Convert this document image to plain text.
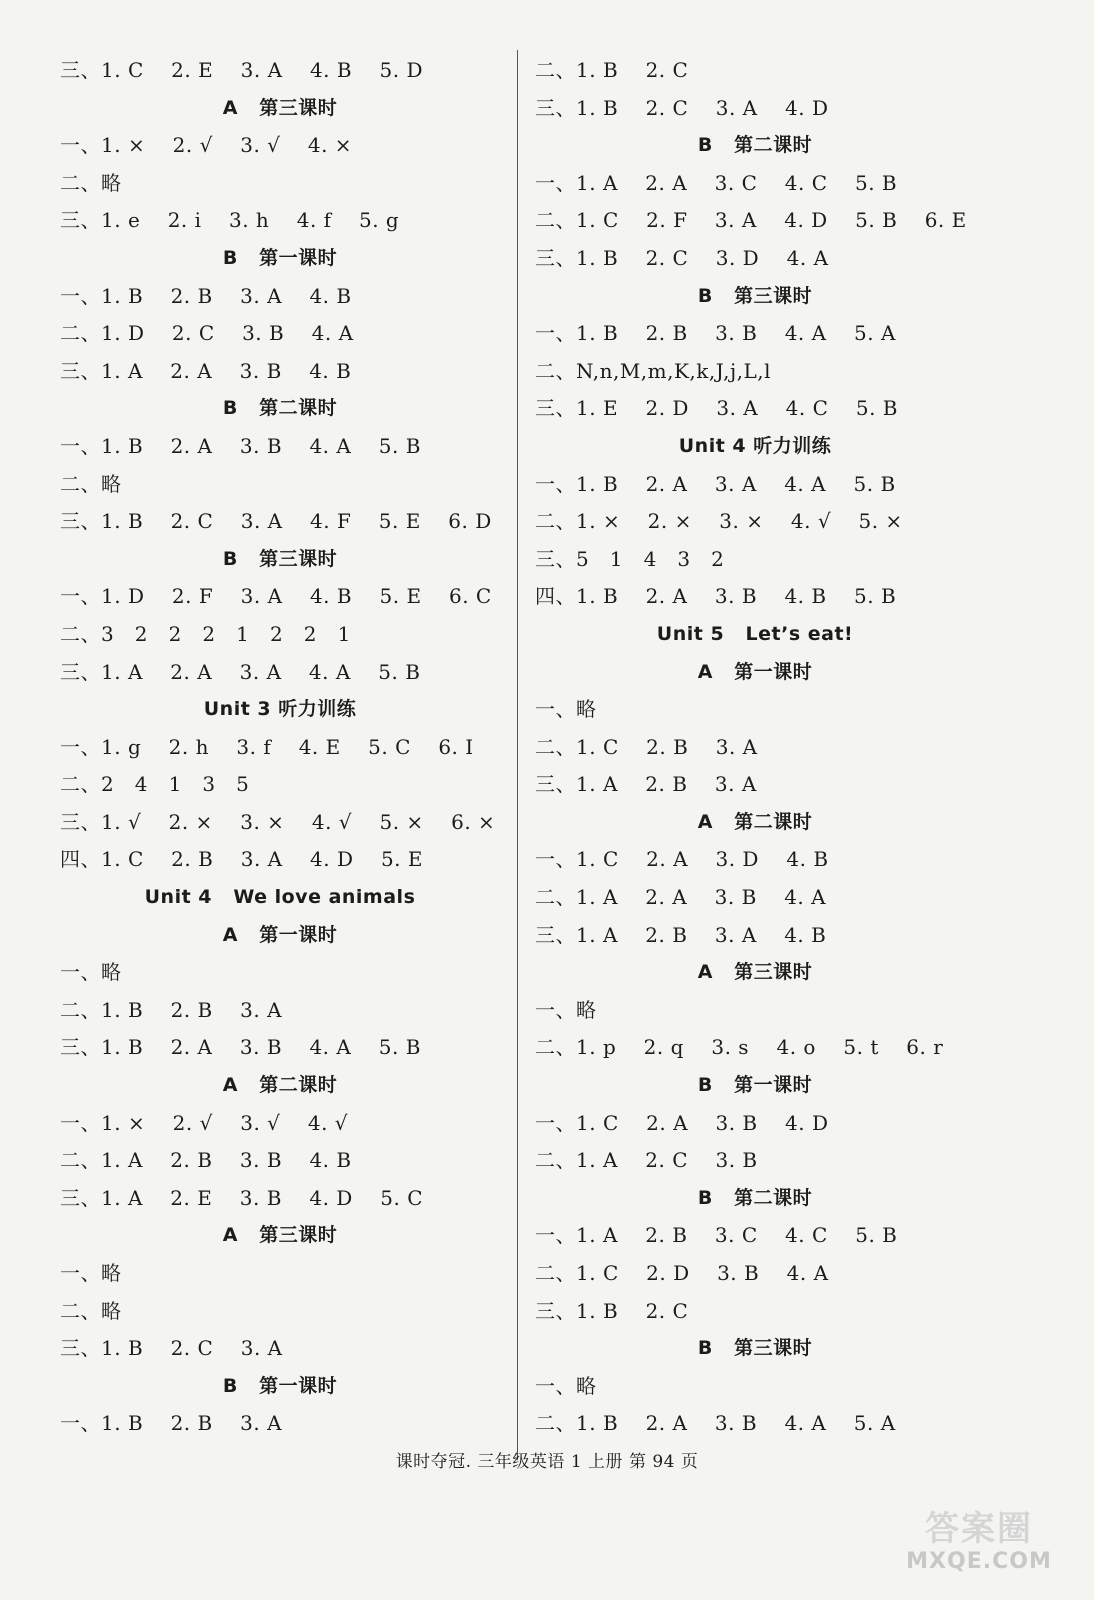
三、1. C    2. E    3. A    4. B    5. D
A   第三课时
一、1. ×    2. √    3. √    4. ×
二、略
三、1. e    2. i    3. h    4. f    5. g
B   第一课时
一、1. B    2. B    3. A    4. B
二、1. D    2. C    3. B    4. A
三、1. A    2. A    3. B    4. B
B   第二课时
一、1. B    2. A    3. B    4. A    5. B
二、略
三、1. B    2. C    3. A    4. F    5. E    6. D
B   第三课时
一、1. D    2. F    3. A    4. B    5. E    6. C
二、3   2   2   2   1   2   2   1
三、1. A    2. A    3. A    4. A    5. B
Unit 3 听力训练
一、1. g    2. h    3. f    4. E    5. C    6. I
二、2   4   1   3   5
三、1. √    2. ×    3. ×    4. √    5. ×    6. ×
四、1. C    2. B    3. A    4. D    5. E
Unit 4   We love animals
A   第一课时
一、略
二、1. B    2. B    3. A
三、1. B    2. A    3. B    4. A    5. B
A   第二课时
一、1. ×    2. √    3. √    4. √
二、1. A    2. B    3. B    4. B
三、1. A    2. E    3. B    4. D    5. C
A   第三课时
一、略
二、略
三、1. B    2. C    3. A
B   第一课时
一、1. B    2. B    3. A
二、1. B    2. C
三、1. B    2. C    3. A    4. D
B   第二课时
一、1. A    2. A    3. C    4. C    5. B
二、1. C    2. F    3. A    4. D    5. B    6. E
三、1. B    2. C    3. D    4. A
B   第三课时
一、1. B    2. B    3. B    4. A    5. A
二、N,n,M,m,K,k,J,j,L,l
三、1. E    2. D    3. A    4. C    5. B
Unit 4 听力训练
一、1. B    2. A    3. A    4. A    5. B
二、1. ×    2. ×    3. ×    4. √    5. ×
三、5   1   4   3   2
四、1. B    2. A    3. B    4. B    5. B
Unit 5   Let’s eat!
A   第一课时
一、略
二、1. C    2. B    3. A
三、1. A    2. B    3. A
A   第二课时
一、1. C    2. A    3. D    4. B
二、1. A    2. A    3. B    4. A
三、1. A    2. B    3. A    4. B
A   第三课时
一、略
二、1. p    2. q    3. s    4. o    5. t    6. r
B   第一课时
一、1. C    2. A    3. B    4. D
二、1. A    2. C    3. B
B   第二课时
一、1. A    2. B    3. C    4. C    5. B
二、1. C    2. D    3. B    4. A
三、1. B    2. C
B   第三课时
一、略
二、1. B    2. A    3. B    4. A    5. A
课时夺冠. 三年级英语 1 上册 第 94 页
答案圈
MXQE.COM
